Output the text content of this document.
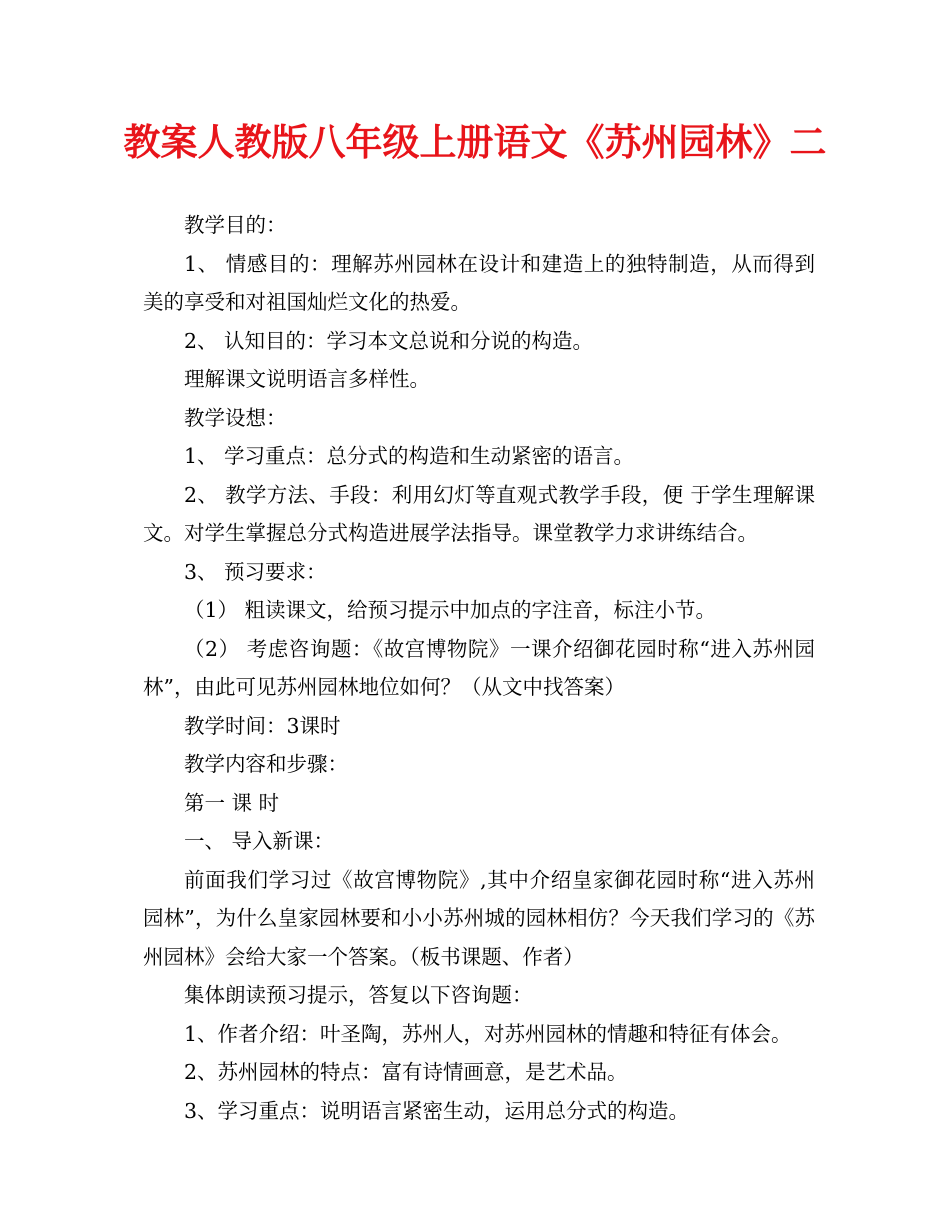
教案人教版八年级上册语文《苏州园林》二

教学目的：

1、 情感目的：理解苏州园林在设计和建造上的独特制造，从而得到美的享受和对祖国灿烂文化的热爱。

2、 认知目的：学习本文总说和分说的构造。

理解课文说明语言多样性。

教学设想：

1、 学习重点：总分式的构造和生动紧密的语言。

2、 教学方法、手段：利用幻灯等直观式教学手段，便 于学生理解课文。对学生掌握总分式构造进展学法指导。课堂教学力求讲练结合。

3、 预习要求：

（1） 粗读课文，给预习提示中加点的字注音，标注小节。

（2） 考虑咨询题：《故宫博物院》一课介绍御花园时称“进入苏州园林”，由此可见苏州园林地位如何？（从文中找答案）

教学时间：3课时

教学内容和步骤：

第一 课 时

一、 导入新课：

前面我们学习过《故宫博物院》,其中介绍皇家御花园时称“进入苏州园林”，为什么皇家园林要和小小苏州城的园林相仿？今天我们学习的《苏州园林》会给大家一个答案。（板书课题、作者）

集体朗读预习提示，答复以下咨询题：

1、作者介绍：叶圣陶，苏州人，对苏州园林的情趣和特征有体会。

2、苏州园林的特点：富有诗情画意，是艺术品。

3、学习重点：说明语言紧密生动，运用总分式的构造。
